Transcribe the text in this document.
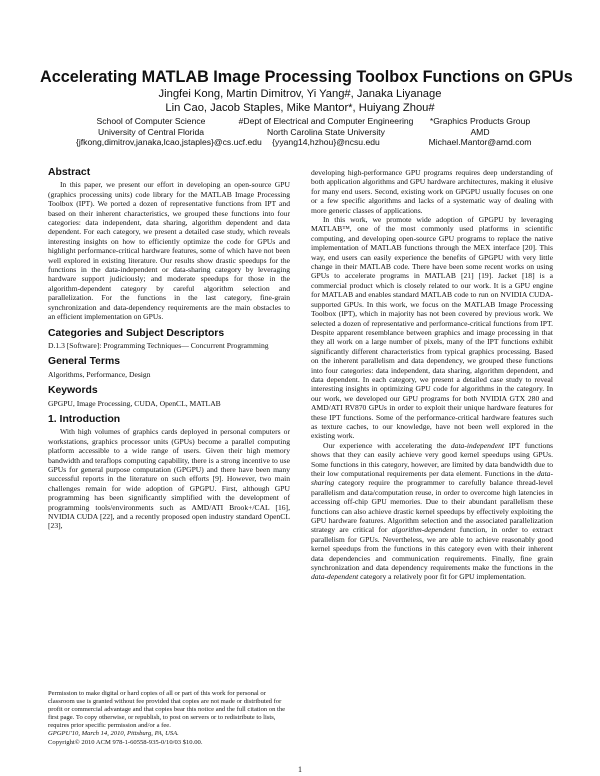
Accelerating MATLAB Image Processing Toolbox Functions on GPUs
Jingfei Kong, Martin Dimitrov, Yi Yang#, Janaka Liyanage
Lin Cao, Jacob Staples, Mike Mantor*, Huiyang Zhou#
School of Computer Science
University of Central Florida
{jfkong,dimitrov,janaka,lcao,jstaples}@cs.ucf.edu
#Dept of Electrical and Computer Engineering
North Carolina State University
{yyang14,hzhou}@ncsu.edu
*Graphics Products Group
AMD
Michael.Mantor@amd.com
Abstract

In this paper, we present our effort in developing an open-source GPU (graphics processing units) code library for the MATLAB Image Processing Toolbox (IPT). We ported a dozen of representative functions from IPT and based on their inherent characteristics, we grouped these functions into four categories: data independent, data sharing, algorithm dependent and data dependent. For each category, we present a detailed case study, which reveals interesting insights on how to efficiently optimize the code for GPUs and highlight performance-critical hardware features, some of which have not been well explored in existing literature. Our results show drastic speedups for the functions in the data-independent or data-sharing category by leveraging hardware support judiciously; and moderate speedups for those in the algorithm-dependent category by careful algorithm selection and parallelization. For the functions in the last category, fine-grain synchronization and data-dependency requirements are the main obstacles to an efficient implementation on GPUs.

Categories and Subject Descriptors

D.1.3 [Software]: Programming Techniques— Concurrent Programming

General Terms

Algorithms, Performance, Design

Keywords

GPGPU, Image Processing, CUDA, OpenCL, MATLAB

1. Introduction

With high volumes of graphics cards deployed in personal computers or workstations, graphics processor units (GPUs) become a parallel computing platform accessible to a wide range of users. Given their high memory bandwidth and teraflops computing capability, there is a strong incentive to use GPUs for general purpose computation (GPGPU) and there have been many successful reports in the literature on such efforts [9]. However, two main challenges remain for wide adoption of GPGPU. First, although GPU programming has been significantly simplified with the development of programming tools/environments such as AMD/ATI Brook+/CAL [16], NVIDIA CUDA [22], and a recently proposed open industry standard OpenCL [23],

Permission to make digital or hard copies of all or part of this work for personal or classroom use is granted without fee provided that copies are not made or distributed for profit or commercial advantage and that copies bear this notice and the full citation on the first page. To copy otherwise, or republish, to post on servers or to redistribute to lists, requires prior specific permission and/or a fee.
GPGPU'10, March 14, 2010, Pittsburg, PA, USA.
Copyright© 2010 ACM 978-1-60558-935-0/10/03 $10.00.

developing high-performance GPU programs requires deep understanding of both application algorithms and GPU hardware architectures, making it elusive for many end users. Second, existing work on GPGPU usually focuses on one or a few specific algorithms and lacks of a systematic way of dealing with more generic classes of applications.

In this work, we promote wide adoption of GPGPU by leveraging MATLAB™, one of the most commonly used platforms in scientific computing, and developing open-source GPU programs to replace the native implementation of MATLAB functions through the MEX interface [20]. This way, end users can easily experience the benefits of GPGPU with very little change in their MATLAB code. There have been some recent works on using GPUs to accelerate programs in MATLAB [21] [19]. Jacket [18] is a commercial product which is closely related to our work. It is a GPU engine for MATLAB and enables standard MATLAB code to run on NVIDIA CUDA-supported GPUs. In this work, we focus on the MATLAB Image Processing Toolbox (IPT), which in majority has not been covered by previous work. We selected a dozen of representative and performance-critical functions from IPT. Despite apparent resemblance between graphics and image processing in that they all work on a large number of pixels, many of the IPT functions exhibit significantly different characteristics from typical graphics processing. Based on the inherent parallelism and data dependency, we grouped these functions into four categories: data independent, data sharing, algorithm dependent, and data dependent. In each category, we present a detailed case study to reveal interesting insights in optimizing GPU code for algorithms in the category. In our work, we developed our GPU programs for both NVIDIA GTX 280 and AMD/ATI RV870 GPUs in order to exploit their unique hardware features for these IPT functions. Some of the performance-critical hardware features such as texture caches, to our knowledge, have not been well explored in the existing work.

Our experience with accelerating the data-independent IPT functions shows that they can easily achieve very good kernel speedups using GPUs. Some functions in this category, however, are limited by data bandwidth due to their low computational requirements per data element. Functions in the data-sharing category require the programmer to carefully balance thread-level parallelism and data/computation reuse, in order to overcome high latencies in accessing off-chip GPU memories. Due to their abundant parallelism these functions can also achieve drastic kernel speedups by effectively exploiting the GPU hardware features. Algorithm selection and the associated parallelization strategy are critical for algorithm-dependent function, in order to extract parallelism for GPUs. Nevertheless, we are able to achieve reasonably good kernel speedups from the functions in this category even with their inherent data dependencies and communication requirements. Finally, fine grain synchronization and data dependency requirements make the functions in the data-dependent category a relatively poor fit for GPU implementation.

1
